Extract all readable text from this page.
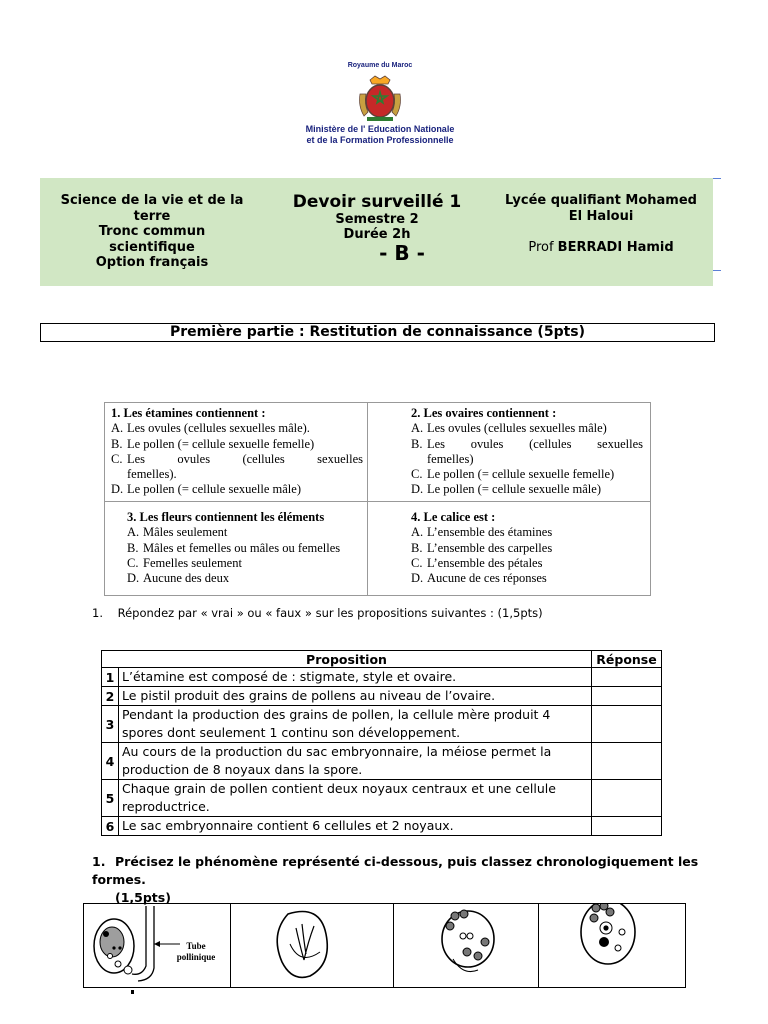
Royaume du Maroc
Ministère de l' Education Nationale
et de la Formation Professionnelle
Science de la vie et de la
terre
Tronc commun
scientifique
Option français
Devoir surveillé 1
Semestre 2
Durée 2h
- B -
Lycée qualifiant Mohamed
El Haloui
Prof BERRADI Hamid
Première partie : Restitution de connaissance (5pts)
1. Les étamines contiennent :
A. Les ovules (cellules sexuelles mâle).
B. Le pollen (= cellule sexuelle femelle)
C. Les ovules (cellules sexuelles
femelles).
D. Le pollen (= cellule sexuelle mâle)
2. Les ovaires contiennent :
A. Les ovules (cellules sexuelles mâle)
B. Les ovules (cellules sexuelles
femelles)
C. Le pollen (= cellule sexuelle femelle)
D. Le pollen (= cellule sexuelle mâle)
3. Les fleurs contiennent les éléments
A. Mâles seulement
B. Mâles et femelles ou mâles ou femelles
C. Femelles seulement
D. Aucune des deux
4. Le calice est :
A. L’ensemble des étamines
B. L’ensemble des carpelles
C. L’ensemble des pétales
D. Aucune de ces réponses
1.    Répondez par « vrai » ou « faux » sur les propositions suivantes : (1,5pts)
Proposition		Réponse
1	L’étamine est composé de : stigmate, style et ovaire.	

2	Le pistil produit des grains de pollens au niveau de l’ovaire.	

3	Pendant la production des grains de pollen, la cellule mère produit 4
spores dont seulement 1 continu son développement.	

4	Au cours de la production du sac embryonnaire, la méiose permet la
production de 8 noyaux dans la spore.	

5	Chaque grain de pollen contient deux noyaux centraux et une cellule
reproductrice.	

6	Le sac embryonnaire contient 6 cellules et 2 noyaux.	

1. Précisez le phénomène représenté ci-dessous, puis classez chronologiquement les formes.
(1,5pts)
Tube
pollinique
